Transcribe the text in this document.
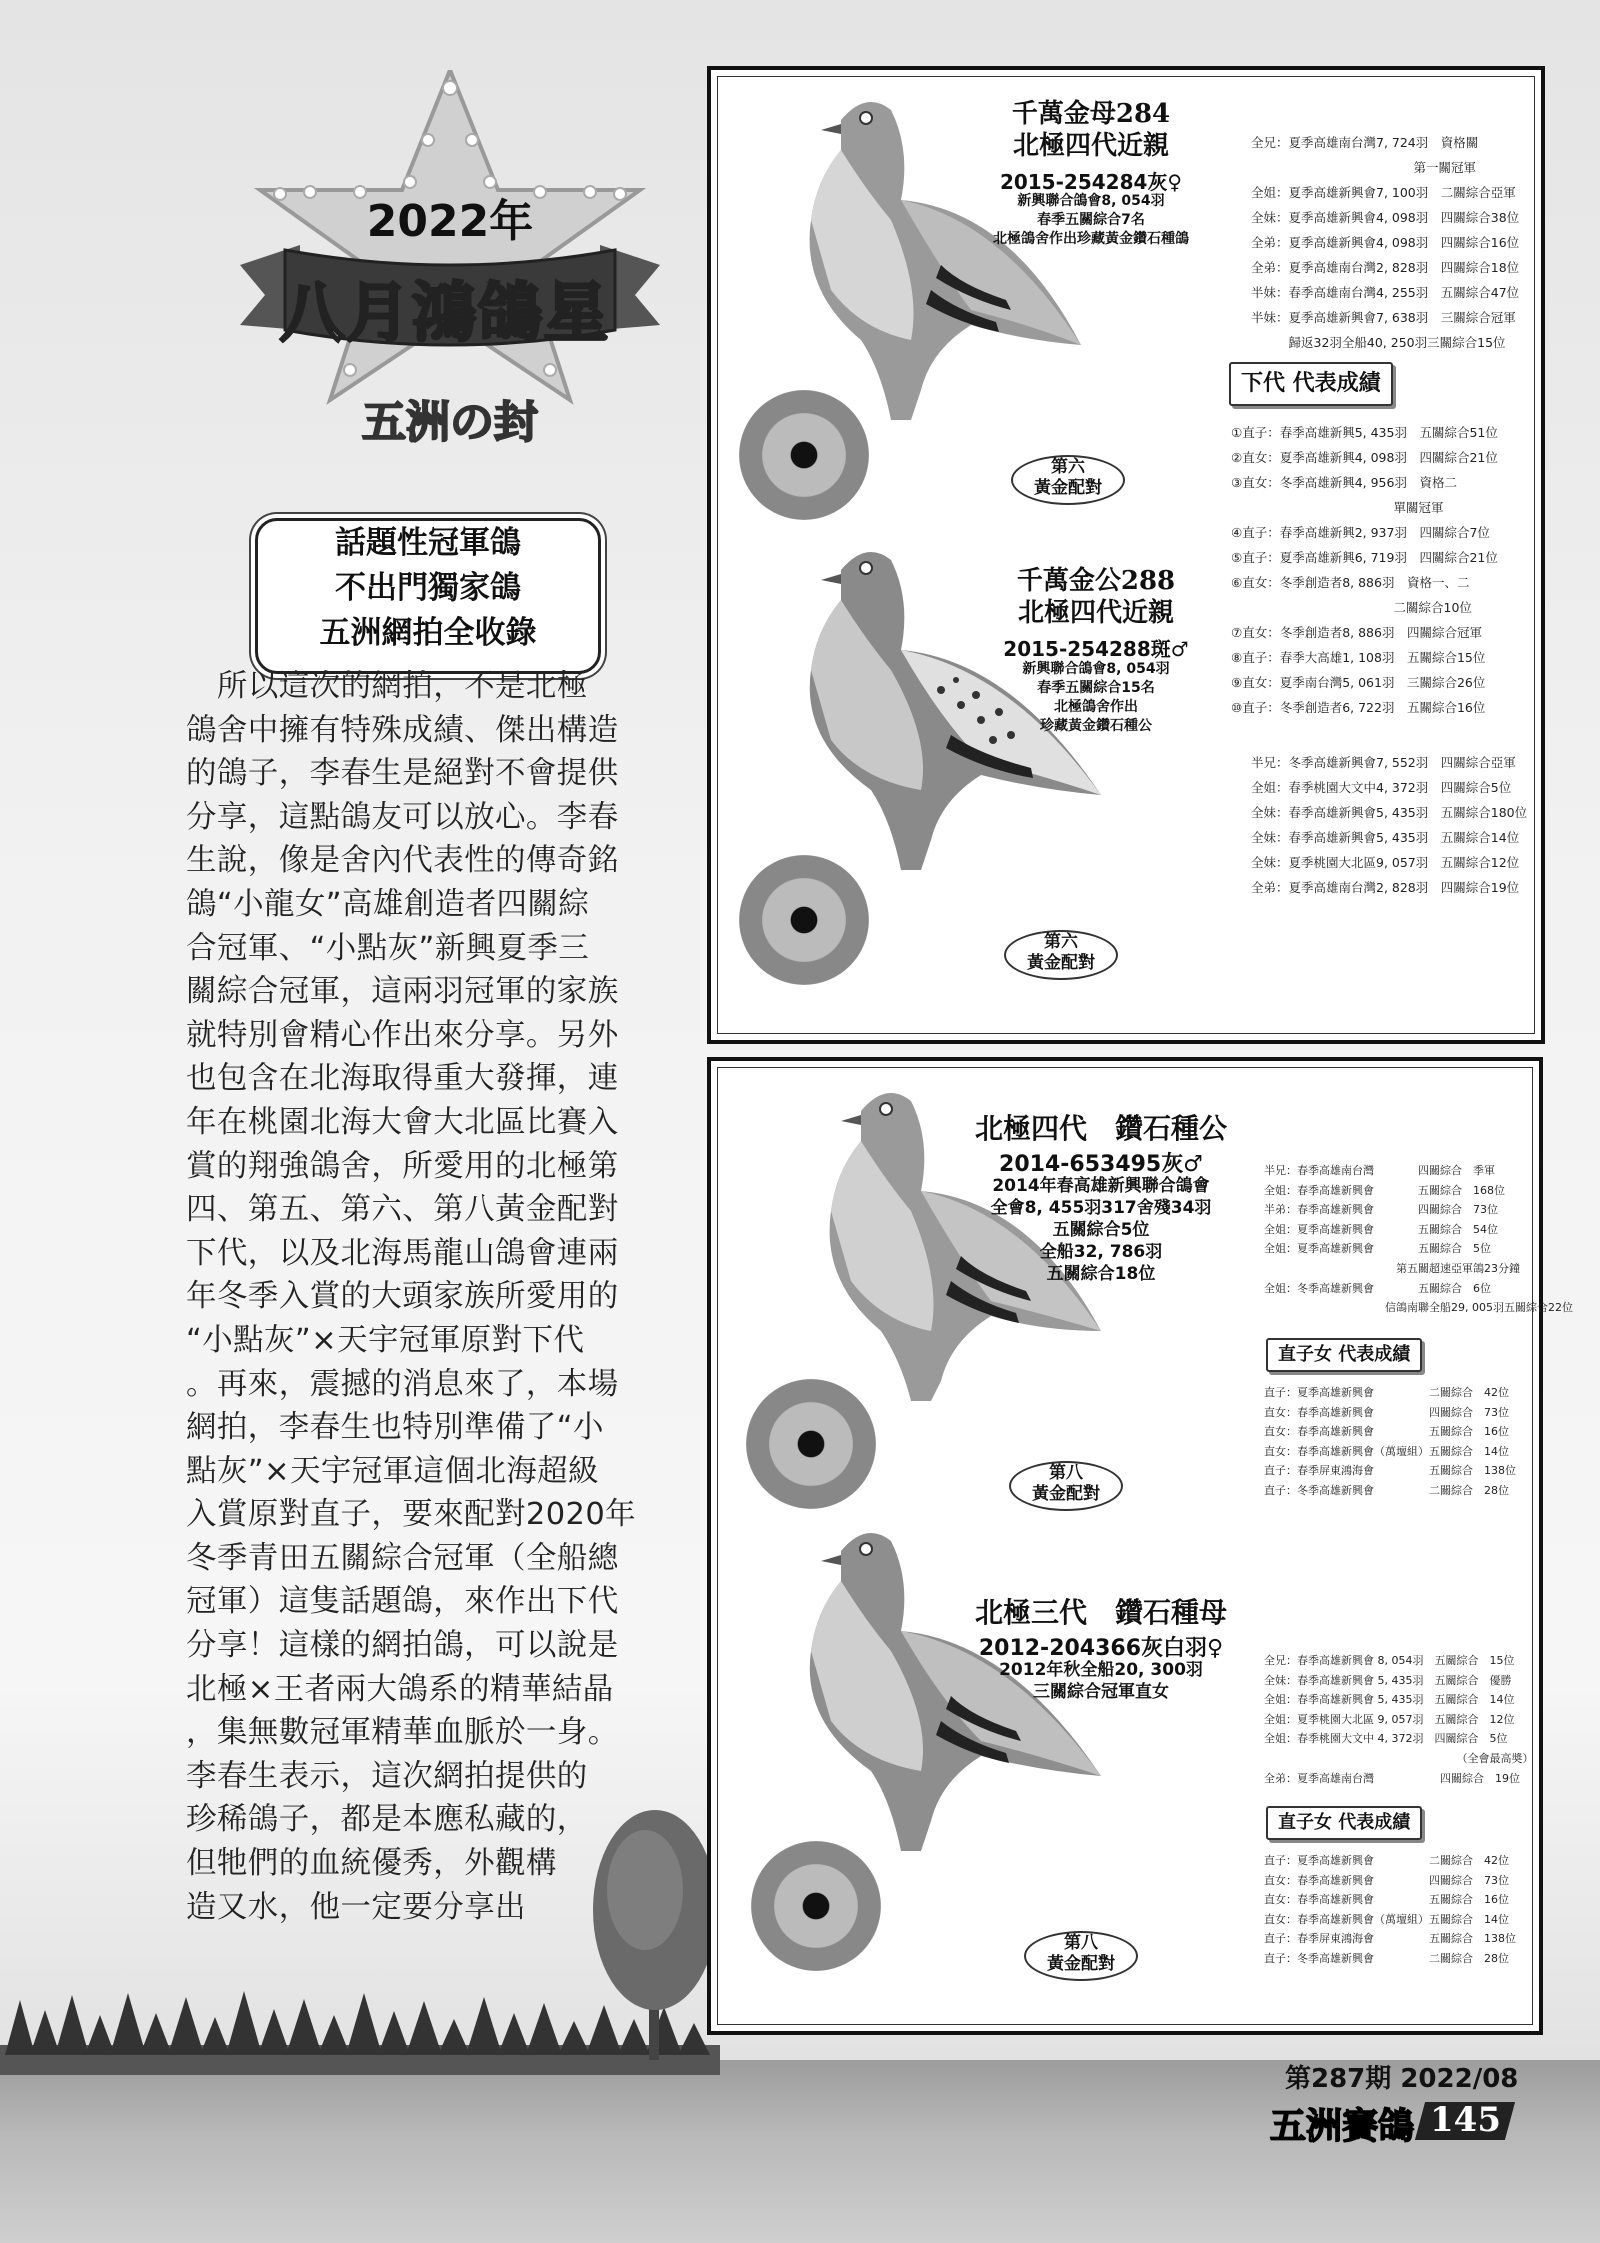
2022年
八月鴻鴿星
五洲の封
話題性冠軍鴿
不出門獨家鴿
五洲網拍全收錄
　所以這次的網拍，不是北極
鴿舍中擁有特殊成績、傑出構造
的鴿子，李春生是絕對不會提供
分享，這點鴿友可以放心。李春
生說，像是舍內代表性的傳奇銘
鴿“小龍女”高雄創造者四關綜
合冠軍、“小點灰”新興夏季三
關綜合冠軍，這兩羽冠軍的家族
就特別會精心作出來分享。另外
也包含在北海取得重大發揮，連
年在桃園北海大會大北區比賽入
賞的翔強鴿舍，所愛用的北極第
四、第五、第六、第八黃金配對
下代，以及北海馬龍山鴿會連兩
年冬季入賞的大頭家族所愛用的
“小點灰”×天宇冠軍原對下代
。再來，震撼的消息來了，本場
網拍，李春生也特別準備了“小
點灰”×天宇冠軍這個北海超級
入賞原對直子，要來配對2020年
冬季青田五關綜合冠軍（全船總
冠軍）這隻話題鴿，來作出下代
分享！這樣的網拍鴿，可以說是
北極×王者兩大鴿系的精華結晶
，集無數冠軍精華血脈於一身。
李春生表示，這次網拍提供的
珍稀鴿子，都是本應私藏的，
但牠們的血統優秀，外觀構
造又水，他一定要分享出
第六
黃金配對
千萬金母284
北極四代近親
2015-254284灰♀
新興聯合鴿會8, 054羽
春季五關綜合7名
北極鴿舍作出珍藏黃金鑽石種鴿
全兄：夏季高雄南台灣7, 724羽　資格關
　　　　　　　　　　　　　第一關冠軍
全姐：夏季高雄新興會7, 100羽　二關綜合亞軍
全妹：夏季高雄新興會4, 098羽　四關綜合38位
全弟：夏季高雄新興會4, 098羽　四關綜合16位
全弟：夏季高雄南台灣2, 828羽　四關綜合18位
半妹：春季高雄南台灣4, 255羽　五關綜合47位
半妹：夏季高雄新興會7, 638羽　三關綜合冠軍
　　　歸返32羽全船40, 250羽三關綜合15位
下代 代表成績
①直子：春季高雄新興5, 435羽　五關綜合51位
②直女：夏季高雄新興4, 098羽　四關綜合21位
③直女：冬季高雄新興4, 956羽　資格二
　　　　　　　　　　　　　單關冠軍
④直子：春季高雄新興2, 937羽　四關綜合7位
⑤直子：夏季高雄新興6, 719羽　四關綜合21位
⑥直女：冬季創造者8, 886羽　資格一、二
　　　　　　　　　　　　　二關綜合10位
⑦直女：冬季創造者8, 886羽　四關綜合冠軍
⑧直子：春季大高雄1, 108羽　五關綜合15位
⑨直女：夏季南台灣5, 061羽　三關綜合26位
⑩直子：冬季創造者6, 722羽　五關綜合16位
第六
黃金配對
千萬金公288
北極四代近親
2015-254288斑♂
新興聯合鴿會8, 054羽
春季五關綜合15名
北極鴿舍作出
珍藏黃金鑽石種公
半兄：冬季高雄新興會7, 552羽　四關綜合亞軍
全姐：春季桃園大文中4, 372羽　四關綜合5位
全妹：春季高雄新興會5, 435羽　五關綜合180位
全妹：春季高雄新興會5, 435羽　五關綜合14位
全妹：夏季桃園大北區9, 057羽　五關綜合12位
全弟：夏季高雄南台灣2, 828羽　四關綜合19位
第八
黃金配對
北極四代　鑽石種公
2014-653495灰♂
2014年春高雄新興聯合鴿會
全會8, 455羽317舍殘34羽
五關綜合5位
全船32, 786羽
五關綜合18位
半兄：春季高雄南台灣　　　　四關綜合　季軍
全姐：春季高雄新興會　　　　五關綜合　168位
半弟：春季高雄新興會　　　　四關綜合　73位
全姐：夏季高雄新興會　　　　五關綜合　54位
全姐：夏季高雄新興會　　　　五關綜合　5位
　　　　　　　　　　　　第五關超速亞軍鴿23分鐘
全姐：冬季高雄新興會　　　　五關綜合　6位
　　　　　　　　　　　信鴿南聯全船29, 005羽五關綜合22位
直子女 代表成績
直子：夏季高雄新興會　　　　　二關綜合　42位
直女：春季高雄新興會　　　　　四關綜合　73位
直女：春季高雄新興會　　　　　五關綜合　16位
直女：春季高雄新興會（萬壇組）五關綜合　14位
直子：春季屏東鴻海會　　　　　五關綜合　138位
直子：冬季高雄新興會　　　　　二關綜合　28位
第八
黃金配對
北極三代　鑽石種母
2012-204366灰白羽♀
2012年秋全船20, 300羽
三關綜合冠軍直女
全兄：春季高雄新興會 8, 054羽　五關綜合　15位
全妹：春季高雄新興會 5, 435羽　五關綜合　優勝
全姐：春季高雄新興會 5, 435羽　五關綜合　14位
全姐：夏季桃園大北區 9, 057羽　五關綜合　12位
全姐：春季桃園大文中 4, 372羽　四關綜合　5位
　　　　　　　　　　　　　　　　　　（全會最高奬）
全弟：夏季高雄南台灣　　　　　　四關綜合　19位
直子女 代表成績
直子：夏季高雄新興會　　　　　二關綜合　42位
直女：春季高雄新興會　　　　　四關綜合　73位
直女：春季高雄新興會　　　　　五關綜合　16位
直女：春季高雄新興會（萬壇組）五關綜合　14位
直子：春季屏東鴻海會　　　　　五關綜合　138位
直子：冬季高雄新興會　　　　　二關綜合　28位
第287期 2022/08
五洲賽鴿 145
